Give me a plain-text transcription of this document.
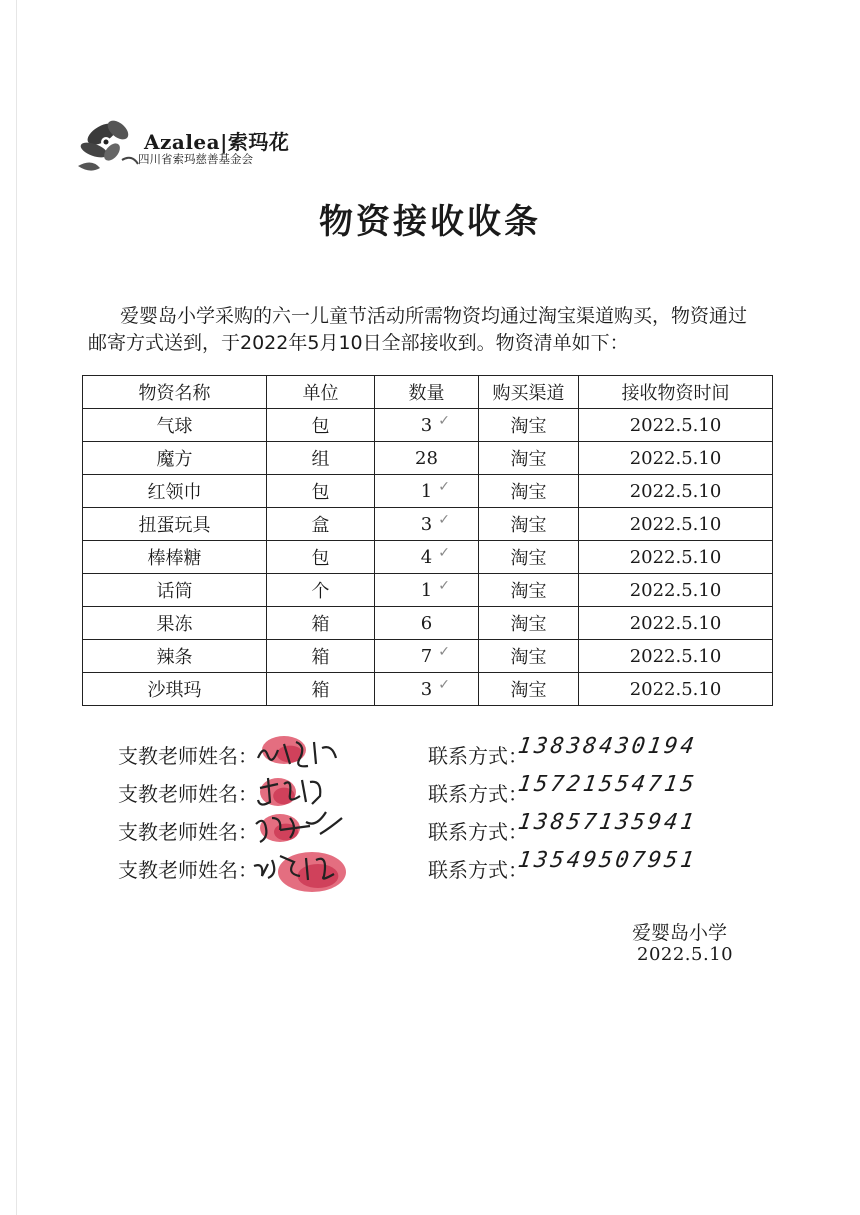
Azalea|索玛花
四川省索玛慈善基金会
物资接收收条
爱婴岛小学采购的六一儿童节活动所需物资均通过淘宝渠道购买，物资通过邮寄方式送到，于2022年5月10日全部接收到。物资清单如下：
物资名称	单位	数量	购买渠道	接收物资时间
气球	包	3 ✓	淘宝	2022.5.10
魔方	组	28	淘宝	2022.5.10
红领巾	包	1 ✓	淘宝	2022.5.10
扭蛋玩具	盒	3 ✓	淘宝	2022.5.10
棒棒糖	包	4 ✓	淘宝	2022.5.10
话筒	个	1 ✓	淘宝	2022.5.10
果冻	箱	6	淘宝	2022.5.10
辣条	箱	7 ✓	淘宝	2022.5.10
沙琪玛	箱	3 ✓	淘宝	2022.5.10
支教老师姓名：	联系方式：
13838430194
支教老师姓名：	联系方式：
15721554715
支教老师姓名：	联系方式：
13857135941
支教老师姓名：	联系方式：
13549507951
爱婴岛小学
2022.5.10
